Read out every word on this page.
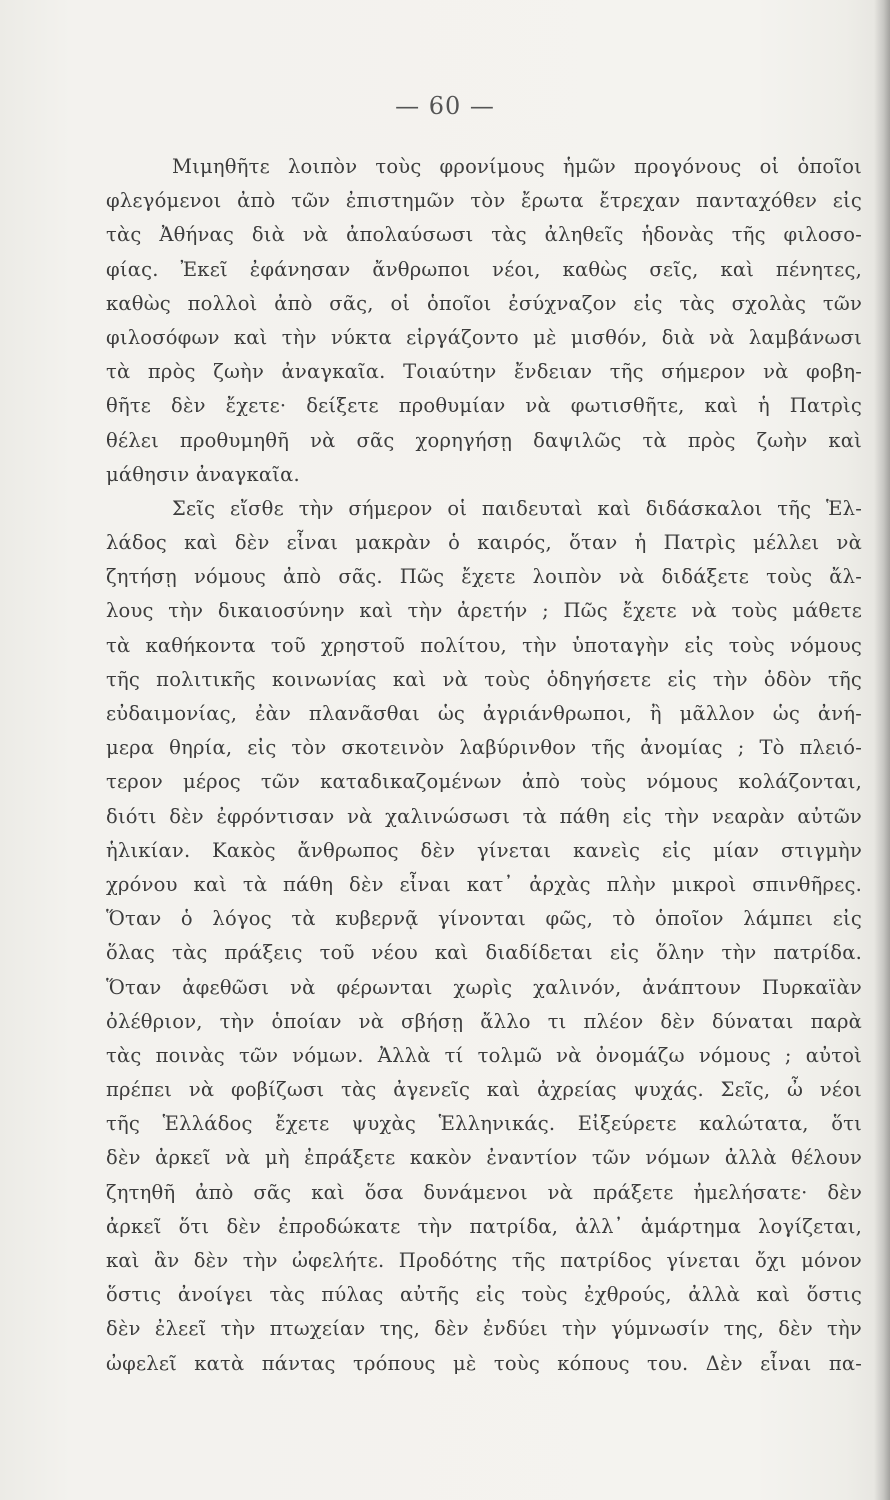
— 60 —
Μιμηθῆτε λοιπὸν τοὺς φρονίμους ἡμῶν προγόνους οἱ ὁποῖοι
φλεγόμενοι ἀπὸ τῶν ἐπιστημῶν τὸν ἔρωτα ἔτρεχαν πανταχόθεν εἰς
τὰς Ἀθήνας διὰ νὰ ἀπολαύσωσι τὰς ἀληθεῖς ἡδονὰς τῆς φιλοσο-
φίας. Ἐκεῖ ἐφάνησαν ἄνθρωποι νέοι, καθὼς σεῖς, καὶ πένητες,
καθὼς πολλοὶ ἀπὸ σᾶς, οἱ ὁποῖοι ἐσύχναζον εἰς τὰς σχολὰς τῶν
φιλοσόφων καὶ τὴν νύκτα εἰργάζοντο μὲ μισθόν, διὰ νὰ λαμβάνωσι
τὰ πρὸς ζωὴν ἀναγκαῖα. Τοιαύτην ἔνδειαν τῆς σήμερον νὰ φοβη-
θῆτε δὲν ἔχετε· δείξετε προθυμίαν νὰ φωτισθῆτε, καὶ ἡ Πατρὶς
θέλει προθυμηθῆ νὰ σᾶς χορηγήσῃ δαψιλῶς τὰ πρὸς ζωὴν καὶ
μάθησιν ἀναγκαῖα.
Σεῖς εἴσθε τὴν σήμερον οἱ παιδευταὶ καὶ διδάσκαλοι τῆς Ἑλ-
λάδος καὶ δὲν εἶναι μακρὰν ὁ καιρός, ὅταν ἡ Πατρὶς μέλλει νὰ
ζητήσῃ νόμους ἀπὸ σᾶς. Πῶς ἔχετε λοιπὸν νὰ διδάξετε τοὺς ἄλ-
λους τὴν δικαιοσύνην καὶ τὴν ἀρετήν ; Πῶς ἔχετε νὰ τοὺς μάθετε
τὰ καθήκοντα τοῦ χρηστοῦ πολίτου, τὴν ὑποταγὴν εἰς τοὺς νόμους
τῆς πολιτικῆς κοινωνίας καὶ νὰ τοὺς ὁδηγήσετε εἰς τὴν ὁδὸν τῆς
εὐδαιμονίας, ἐὰν πλανᾶσθαι ὡς ἀγριάνθρωποι, ἢ μᾶλλον ὡς ἀνή-
μερα θηρία, εἰς τὸν σκοτεινὸν λαβύρινθον τῆς ἀνομίας ; Τὸ πλειό-
τερον μέρος τῶν καταδικαζομένων ἀπὸ τοὺς νόμους κολάζονται,
διότι δὲν ἐφρόντισαν νὰ χαλινώσωσι τὰ πάθη εἰς τὴν νεαρὰν αὐτῶν
ἡλικίαν. Κακὸς ἄνθρωπος δὲν γίνεται κανεὶς εἰς μίαν στιγμὴν
χρόνου καὶ τὰ πάθη δὲν εἶναι κατ᾽ ἀρχὰς πλὴν μικροὶ σπινθῆρες.
Ὅταν ὁ λόγος τὰ κυβερνᾷ γίνονται φῶς, τὸ ὁποῖον λάμπει εἰς
ὅλας τὰς πράξεις τοῦ νέου καὶ διαδίδεται εἰς ὅλην τὴν πατρίδα.
Ὅταν ἀφεθῶσι νὰ φέρωνται χωρὶς χαλινόν, ἀνάπτουν Πυρκαϊὰν
ὀλέθριον, τὴν ὁποίαν νὰ σβήσῃ ἄλλο τι πλέον δὲν δύναται παρὰ
τὰς ποινὰς τῶν νόμων. Ἀλλὰ τί τολμῶ νὰ ὀνομάζω νόμους ; αὐτοὶ
πρέπει νὰ φοβίζωσι τὰς ἀγενεῖς καὶ ἀχρείας ψυχάς. Σεῖς, ὦ νέοι
τῆς Ἑλλάδος ἔχετε ψυχὰς Ἑλληνικάς. Εἰξεύρετε καλώτατα, ὅτι
δὲν ἀρκεῖ νὰ μὴ ἐπράξετε κακὸν ἐναντίον τῶν νόμων ἀλλὰ θέλουν
ζητηθῆ ἀπὸ σᾶς καὶ ὅσα δυνάμενοι νὰ πράξετε ἠμελήσατε· δὲν
ἀρκεῖ ὅτι δὲν ἐπροδώκατε τὴν πατρίδα, ἀλλ᾽ ἁμάρτημα λογίζεται,
καὶ ἂν δὲν τὴν ὠφελήτε. Προδότης τῆς πατρίδος γίνεται ὄχι μόνον
ὅστις ἀνοίγει τὰς πύλας αὐτῆς εἰς τοὺς ἐχθρούς, ἀλλὰ καὶ ὅστις
δὲν ἐλεεῖ τὴν πτωχείαν της, δὲν ἐνδύει τὴν γύμνωσίν της, δὲν τὴν
ὠφελεῖ κατὰ πάντας τρόπους μὲ τοὺς κόπους του. Δὲν εἶναι πα-
